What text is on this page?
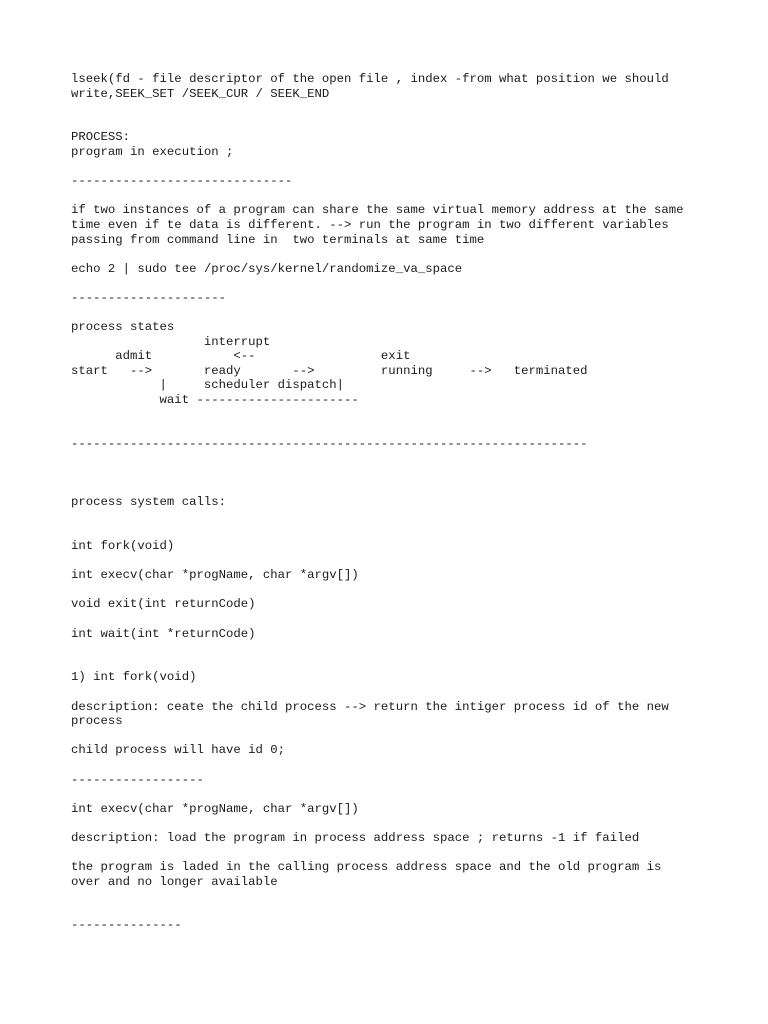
lseek(fd - file descriptor of the open file , index -from what position we should
write,SEEK_SET /SEEK_CUR / SEEK_END

PROCESS:
program in execution ;

------------------------------

if two instances of a program can share the same virtual memory address at the same
time even if te data is different. --> run the program in two different variables
passing from command line in  two terminals at same time

echo 2 | sudo tee /proc/sys/kernel/randomize_va_space

---------------------

process states
interrupt
admit           <--                 exit
start   -->       ready       -->         running     -->   terminated
|     scheduler dispatch|
wait ----------------------

----------------------------------------------------------------------

process system calls:

int fork(void)

int execv(char *progName, char *argv[])

void exit(int returnCode)

int wait(int *returnCode)

1) int fork(void)

description: ceate the child process --> return the intiger process id of the new
process

child process will have id 0;

------------------

int execv(char *progName, char *argv[])

description: load the program in process address space ; returns -1 if failed

the program is laded in the calling process address space and the old program is
over and no longer available

---------------
